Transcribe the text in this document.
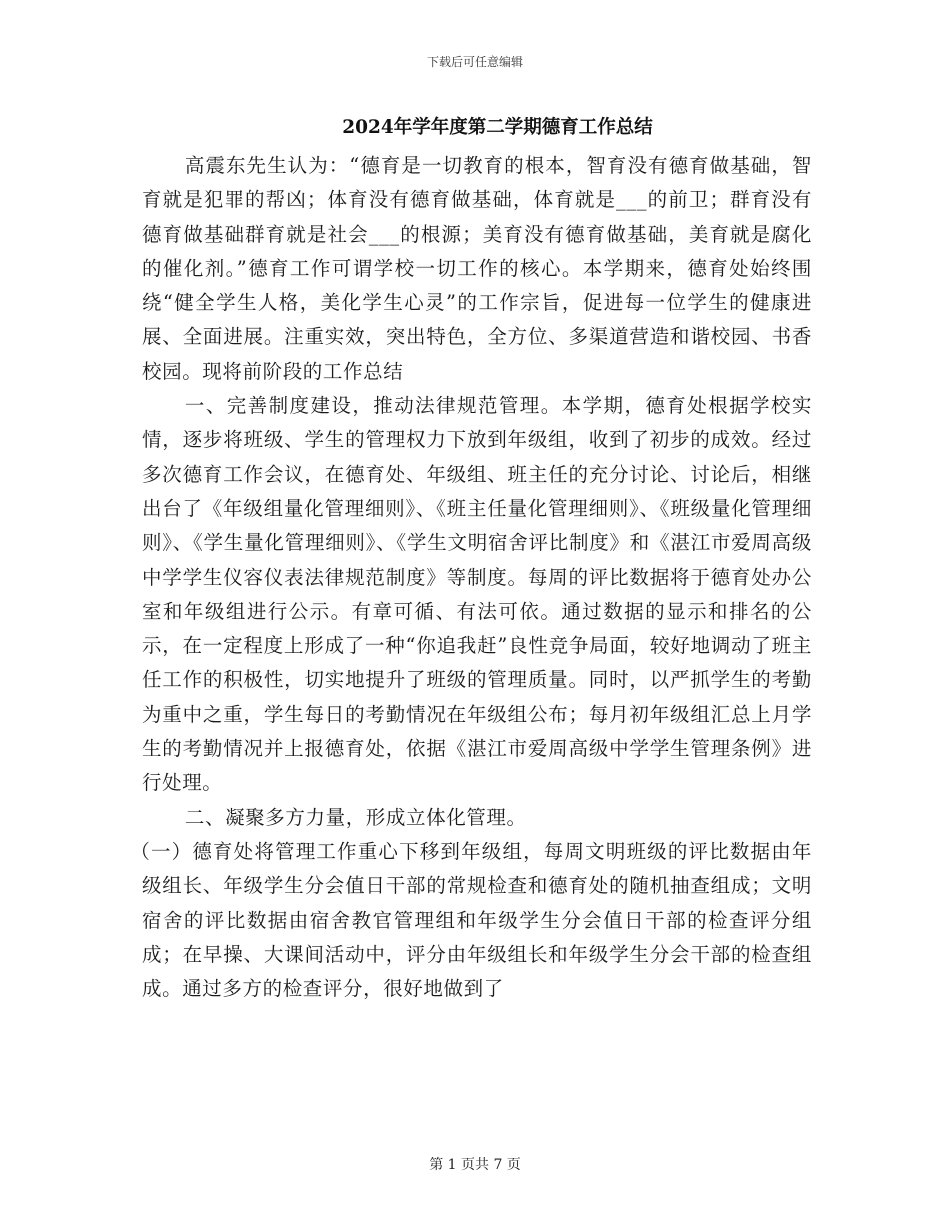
下载后可任意编辑
2024年学年度第二学期德育工作总结

高震东先生认为：“德育是一切教育的根本，智育没有德育做基础，智育就是犯罪的帮凶；体育没有德育做基础，体育就是___的前卫；群育没有德育做基础群育就是社会___的根源；美育没有德育做基础，美育就是腐化的催化剂。”德育工作可谓学校一切工作的核心。本学期来，德育处始终围绕“健全学生人格，美化学生心灵”的工作宗旨，促进每一位学生的健康进展、全面进展。注重实效，突出特色，全方位、多渠道营造和谐校园、书香校园。现将前阶段的工作总结

一、完善制度建设，推动法律规范管理。本学期，德育处根据学校实情，逐步将班级、学生的管理权力下放到年级组，收到了初步的成效。经过多次德育工作会议，在德育处、年级组、班主任的充分讨论、讨论后，相继出台了《年级组量化管理细则》、《班主任量化管理细则》、《班级量化管理细则》、《学生量化管理细则》、《学生文明宿舍评比制度》和《湛江市爱周高级中学学生仪容仪表法律规范制度》等制度。每周的评比数据将于德育处办公室和年级组进行公示。有章可循、有法可依。通过数据的显示和排名的公示，在一定程度上形成了一种“你追我赶”良性竞争局面，较好地调动了班主任工作的积极性，切实地提升了班级的管理质量。同时，以严抓学生的考勤为重中之重，学生每日的考勤情况在年级组公布；每月初年级组汇总上月学生的考勤情况并上报德育处，依据《湛江市爱周高级中学学生管理条例》进行处理。

二、凝聚多方力量，形成立体化管理。

（一）德育处将管理工作重心下移到年级组，每周文明班级的评比数据由年级组长、年级学生分会值日干部的常规检查和德育处的随机抽查组成；文明宿舍的评比数据由宿舍教官管理组和年级学生分会值日干部的检查评分组成；在早操、大课间活动中，评分由年级组长和年级学生分会干部的检查组成。通过多方的检查评分，很好地做到了

第 1 页共 7 页
